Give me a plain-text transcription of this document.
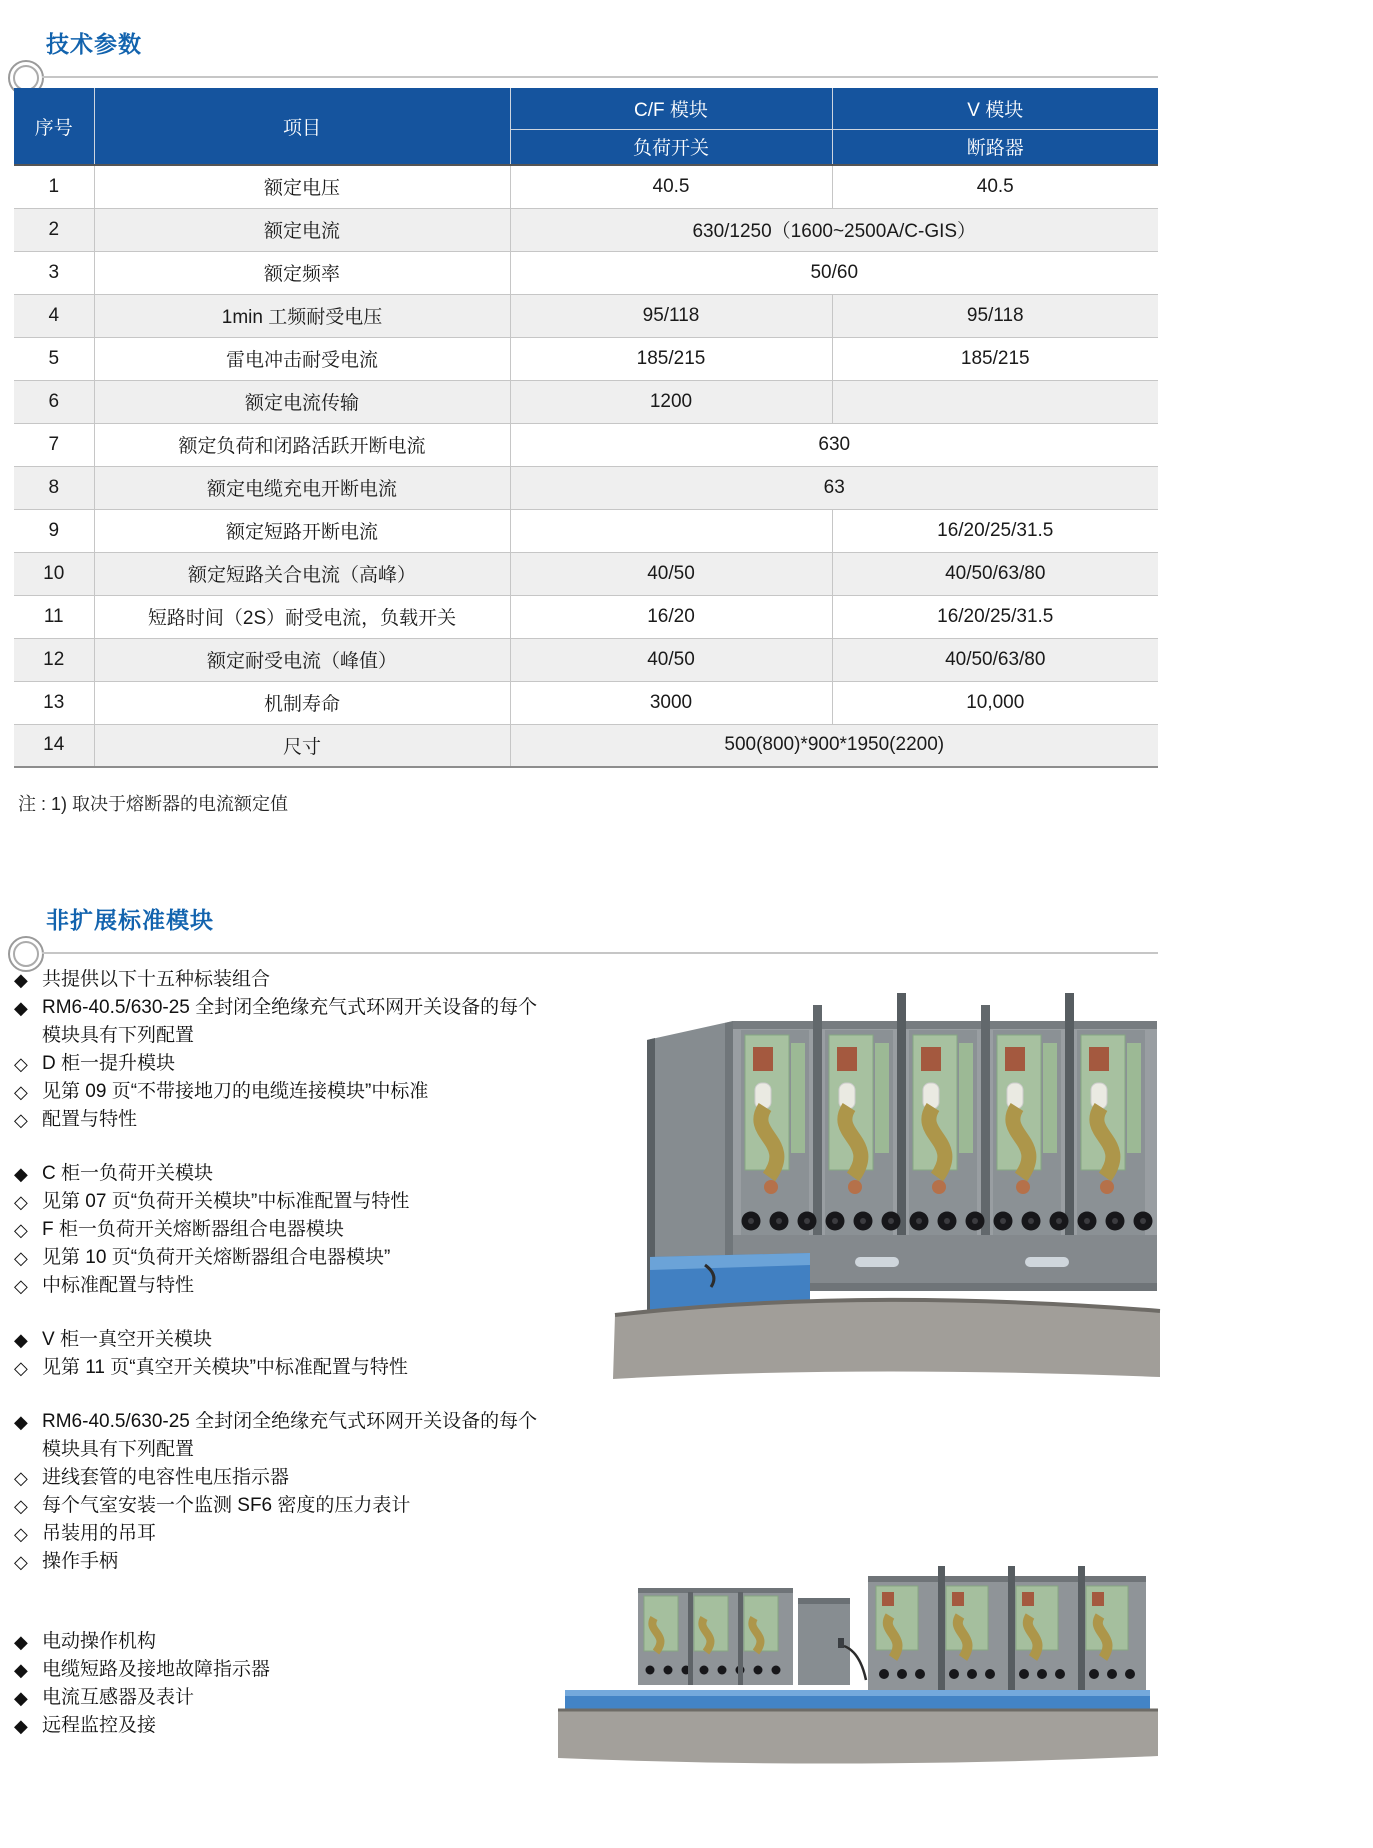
技术参数
序号	项目	C/F 模块	V 模块
		负荷开关	断路器
1	额定电压	40.5	40.5
2	额定电流	630/1250（1600~2500A/C-GIS）	
3	额定频率	50/60	
4	1min 工频耐受电压	95/118	95/118
5	雷电冲击耐受电流	185/215	185/215
6	额定电流传输	1200	
7	额定负荷和闭路活跃开断电流	630	
8	额定电缆充电开断电流	63	
9	额定短路开断电流		16/20/25/31.5
10	额定短路关合电流（高峰）	40/50	40/50/63/80
11	短路时间（2S）耐受电流，负载开关	16/20	16/20/25/31.5
12	额定耐受电流（峰值）	40/50	40/50/63/80
13	机制寿命	3000	10,000
14	尺寸	500(800)*900*1950(2200)	
注 : 1) 取决于熔断器的电流额定值
非扩展标准模块
◆ 共提供以下十五种标装组合
◆ RM6-40.5/630-25 全封闭全绝缘充气式环网开关设备的每个模块具有下列配置
◇ D 柜一提升模块
◇ 见第 09 页“不带接地刀的电缆连接模块”中标准
◇ 配置与特性
◆ C 柜一负荷开关模块
◇ 见第 07 页“负荷开关模块”中标准配置与特性
◇ F 柜一负荷开关熔断器组合电器模块
◇ 见第 10 页“负荷开关熔断器组合电器模块”
◇ 中标准配置与特性
◆ V 柜一真空开关模块
◇ 见第 11 页“真空开关模块”中标准配置与特性
◆ RM6-40.5/630-25 全封闭全绝缘充气式环网开关设备的每个模块具有下列配置
◇ 进线套管的电容性电压指示器
◇ 每个气室安装一个监测 SF6 密度的压力表计
◇ 吊装用的吊耳
◇ 操作手柄
◆ 电动操作机构
◆ 电缆短路及接地故障指示器
◆ 电流互感器及表计
◆ 远程监控及接
